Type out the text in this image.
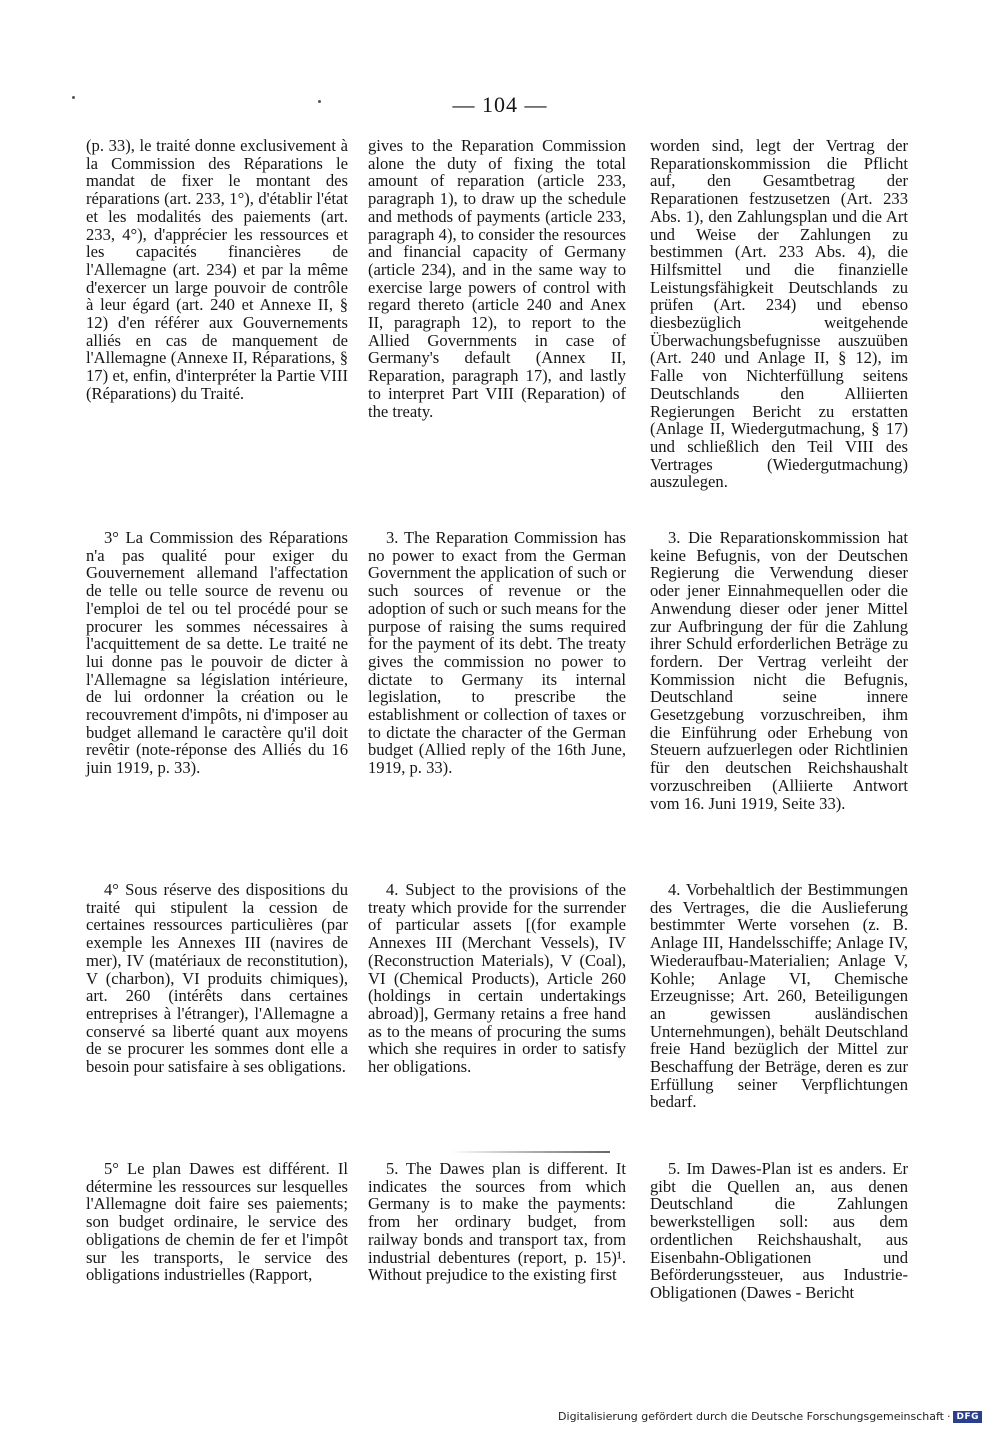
— 104 —
(p. 33), le traité donne exclusivement à la Commission des Réparations le mandat de fixer le montant des réparations (art. 233, 1°), d'établir l'état et les modalités des paiements (art. 233, 4°), d'apprécier les ressources et les capacités financières de l'Allemagne (art. 234) et par la même d'exercer un large pouvoir de contrôle à leur égard (art. 240 et Annexe II, § 12) d'en référer aux Gouvernements alliés en cas de manquement de l'Allemagne (Annexe II, Réparations, § 17) et, enfin, d'interpréter la Partie VIII (Réparations) du Traité.
gives to the Reparation Commission alone the duty of fixing the total amount of reparation (article 233, paragraph 1), to draw up the schedule and methods of payments (article 233, paragraph 4), to consider the resources and financial capacity of Germany (article 234), and in the same way to exercise large powers of control with regard thereto (article 240 and Anex II, paragraph 12), to report to the Allied Governments in case of Germany's default (Annex II, Reparation, paragraph 17), and lastly to interpret Part VIII (Reparation) of the treaty.
worden sind, legt der Vertrag der Reparationskommission die Pflicht auf, den Gesamtbetrag der Reparationen festzusetzen (Art. 233 Abs. 1), den Zahlungsplan und die Art und Weise der Zahlungen zu bestimmen (Art. 233 Abs. 4), die Hilfsmittel und die finanzielle Leistungsfähigkeit Deutschlands zu prüfen (Art. 234) und ebenso diesbezüglich weitgehende Überwachungsbefugnisse auszuüben (Art. 240 und Anlage II, § 12), im Falle von Nichterfüllung seitens Deutschlands den Alliierten Regierungen Bericht zu erstatten (Anlage II, Wiedergutmachung, § 17) und schließlich den Teil VIII des Vertrages (Wiedergutmachung) auszulegen.
3° La Commission des Réparations n'a pas qualité pour exiger du Gouvernement allemand l'affectation de telle ou telle source de revenu ou l'emploi de tel ou tel procédé pour se procurer les sommes nécessaires à l'acquittement de sa dette. Le traité ne lui donne pas le pouvoir de dicter à l'Allemagne sa législation intérieure, de lui ordonner la création ou le recouvrement d'impôts, ni d'imposer au budget allemand le caractère qu'il doit revêtir (note-réponse des Alliés du 16 juin 1919, p. 33).
3. The Reparation Commission has no power to exact from the German Government the application of such or such sources of revenue or the adoption of such or such means for the purpose of raising the sums required for the payment of its debt. The treaty gives the commission no power to dictate to Germany its internal legislation, to prescribe the establishment or collection of taxes or to dictate the character of the German budget (Allied reply of the 16th June, 1919, p. 33).
3. Die Reparationskommission hat keine Befugnis, von der Deutschen Regierung die Verwendung dieser oder jener Einnahmequellen oder die Anwendung dieser oder jener Mittel zur Aufbringung der für die Zahlung ihrer Schuld erforderlichen Beträge zu fordern. Der Vertrag verleiht der Kommission nicht die Befugnis, Deutschland seine innere Gesetzgebung vorzuschreiben, ihm die Einführung oder Erhebung von Steuern aufzuerlegen oder Richtlinien für den deutschen Reichshaushalt vorzuschreiben (Alliierte Antwort vom 16. Juni 1919, Seite 33).
4° Sous réserve des dispositions du traité qui stipulent la cession de certaines ressources particulières (par exemple les Annexes III (navires de mer), IV (matériaux de reconstitution), V (charbon), VI produits chimiques), art. 260 (intérêts dans certaines entreprises à l'étranger), l'Allemagne a conservé sa liberté quant aux moyens de se procurer les sommes dont elle a besoin pour satisfaire à ses obligations.
4. Subject to the provisions of the treaty which provide for the surrender of particular assets [(for example Annexes III (Merchant Vessels), IV (Reconstruction Materials), V (Coal), VI (Chemical Products), Article 260 (holdings in certain undertakings abroad)], Germany retains a free hand as to the means of procuring the sums which she requires in order to satisfy her obligations.
4. Vorbehaltlich der Bestimmungen des Vertrages, die die Auslieferung bestimmter Werte vorsehen (z. B. Anlage III, Handelsschiffe; Anlage IV, Wiederaufbau-Materialien; Anlage V, Kohle; Anlage VI, Chemische Erzeugnisse; Art. 260, Beteiligungen an gewissen ausländischen Unternehmungen), behält Deutschland freie Hand bezüglich der Mittel zur Beschaffung der Beträge, deren es zur Erfüllung seiner Verpflichtungen bedarf.
5° Le plan Dawes est différent. Il détermine les ressources sur lesquelles l'Allemagne doit faire ses paiements; son budget ordinaire, le service des obligations de chemin de fer et l'impôt sur les transports, le service des obligations industrielles (Rapport,
5. The Dawes plan is different. It indicates the sources from which Germany is to make the payments: from her ordinary budget, from railway bonds and transport tax, from industrial debentures (report, p. 15)¹. Without prejudice to the existing first
5. Im Dawes-Plan ist es anders. Er gibt die Quellen an, aus denen Deutschland die Zahlungen bewerkstelligen soll: aus dem ordentlichen Reichshaushalt, aus Eisenbahn-Obligationen und Beförderungssteuer, aus Industrie-Obligationen (Dawes - Bericht
Digitalisierung gefördert durch die Deutsche Forschungsgemeinschaft · DFG
